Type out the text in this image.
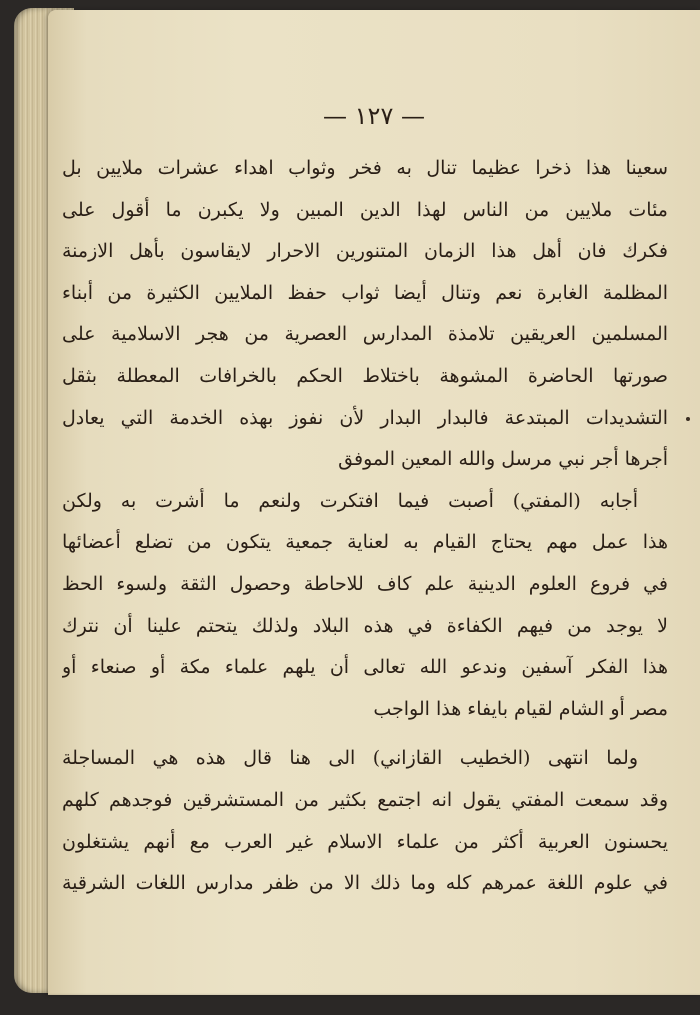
— ١٢٧ —
سعينا هذا ذخرا عظيما تنال به فخر وثواب اهداء عشرات ملايين بل
مئات ملايين من الناس لهذا الدين المبين ولا يكبرن ما أقول على
فكرك فان أهل هذا الزمان المتنورين الاحرار لايقاسون بأهل الازمنة
المظلمة الغابرة نعم وتنال أيضا ثواب حفظ الملايين الكثيرة من أبناء
المسلمين العريقين تلامذة المدارس العصرية من هجر الاسلامية على
صورتها الحاضرة المشوهة باختلاط الحكم بالخرافات المعطلة بثقل
التشديدات المبتدعة فالبدار البدار لأن نفوز بهذه الخدمة التي يعادل
أجرها أجر نبي مرسل والله المعين الموفق
أجابه (المفتي) أصبت فيما افتكرت ولنعم ما أشرت به ولكن
هذا عمل مهم يحتاج القيام به لعناية جمعية يتكون من تضلع أعضائها
في فروع العلوم الدينية علم كاف للاحاطة وحصول الثقة ولسوء الحظ
لا يوجد من فيهم الكفاءة في هذه البلاد ولذلك يتحتم علينا أن نترك
هذا الفكر آسفين وندعو الله تعالى أن يلهم علماء مكة أو صنعاء أو
مصر أو الشام لقيام بايفاء هذا الواجب
ولما انتهى (الخطيب القازاني) الى هنا قال هذه هي المساجلة
وقد سمعت المفتي يقول انه اجتمع بكثير من المستشرقين فوجدهم كلهم
يحسنون العربية أكثر من علماء الاسلام غير العرب مع أنهم يشتغلون
في علوم اللغة عمرهم كله وما ذلك الا من ظفر مدارس اللغات الشرقية
